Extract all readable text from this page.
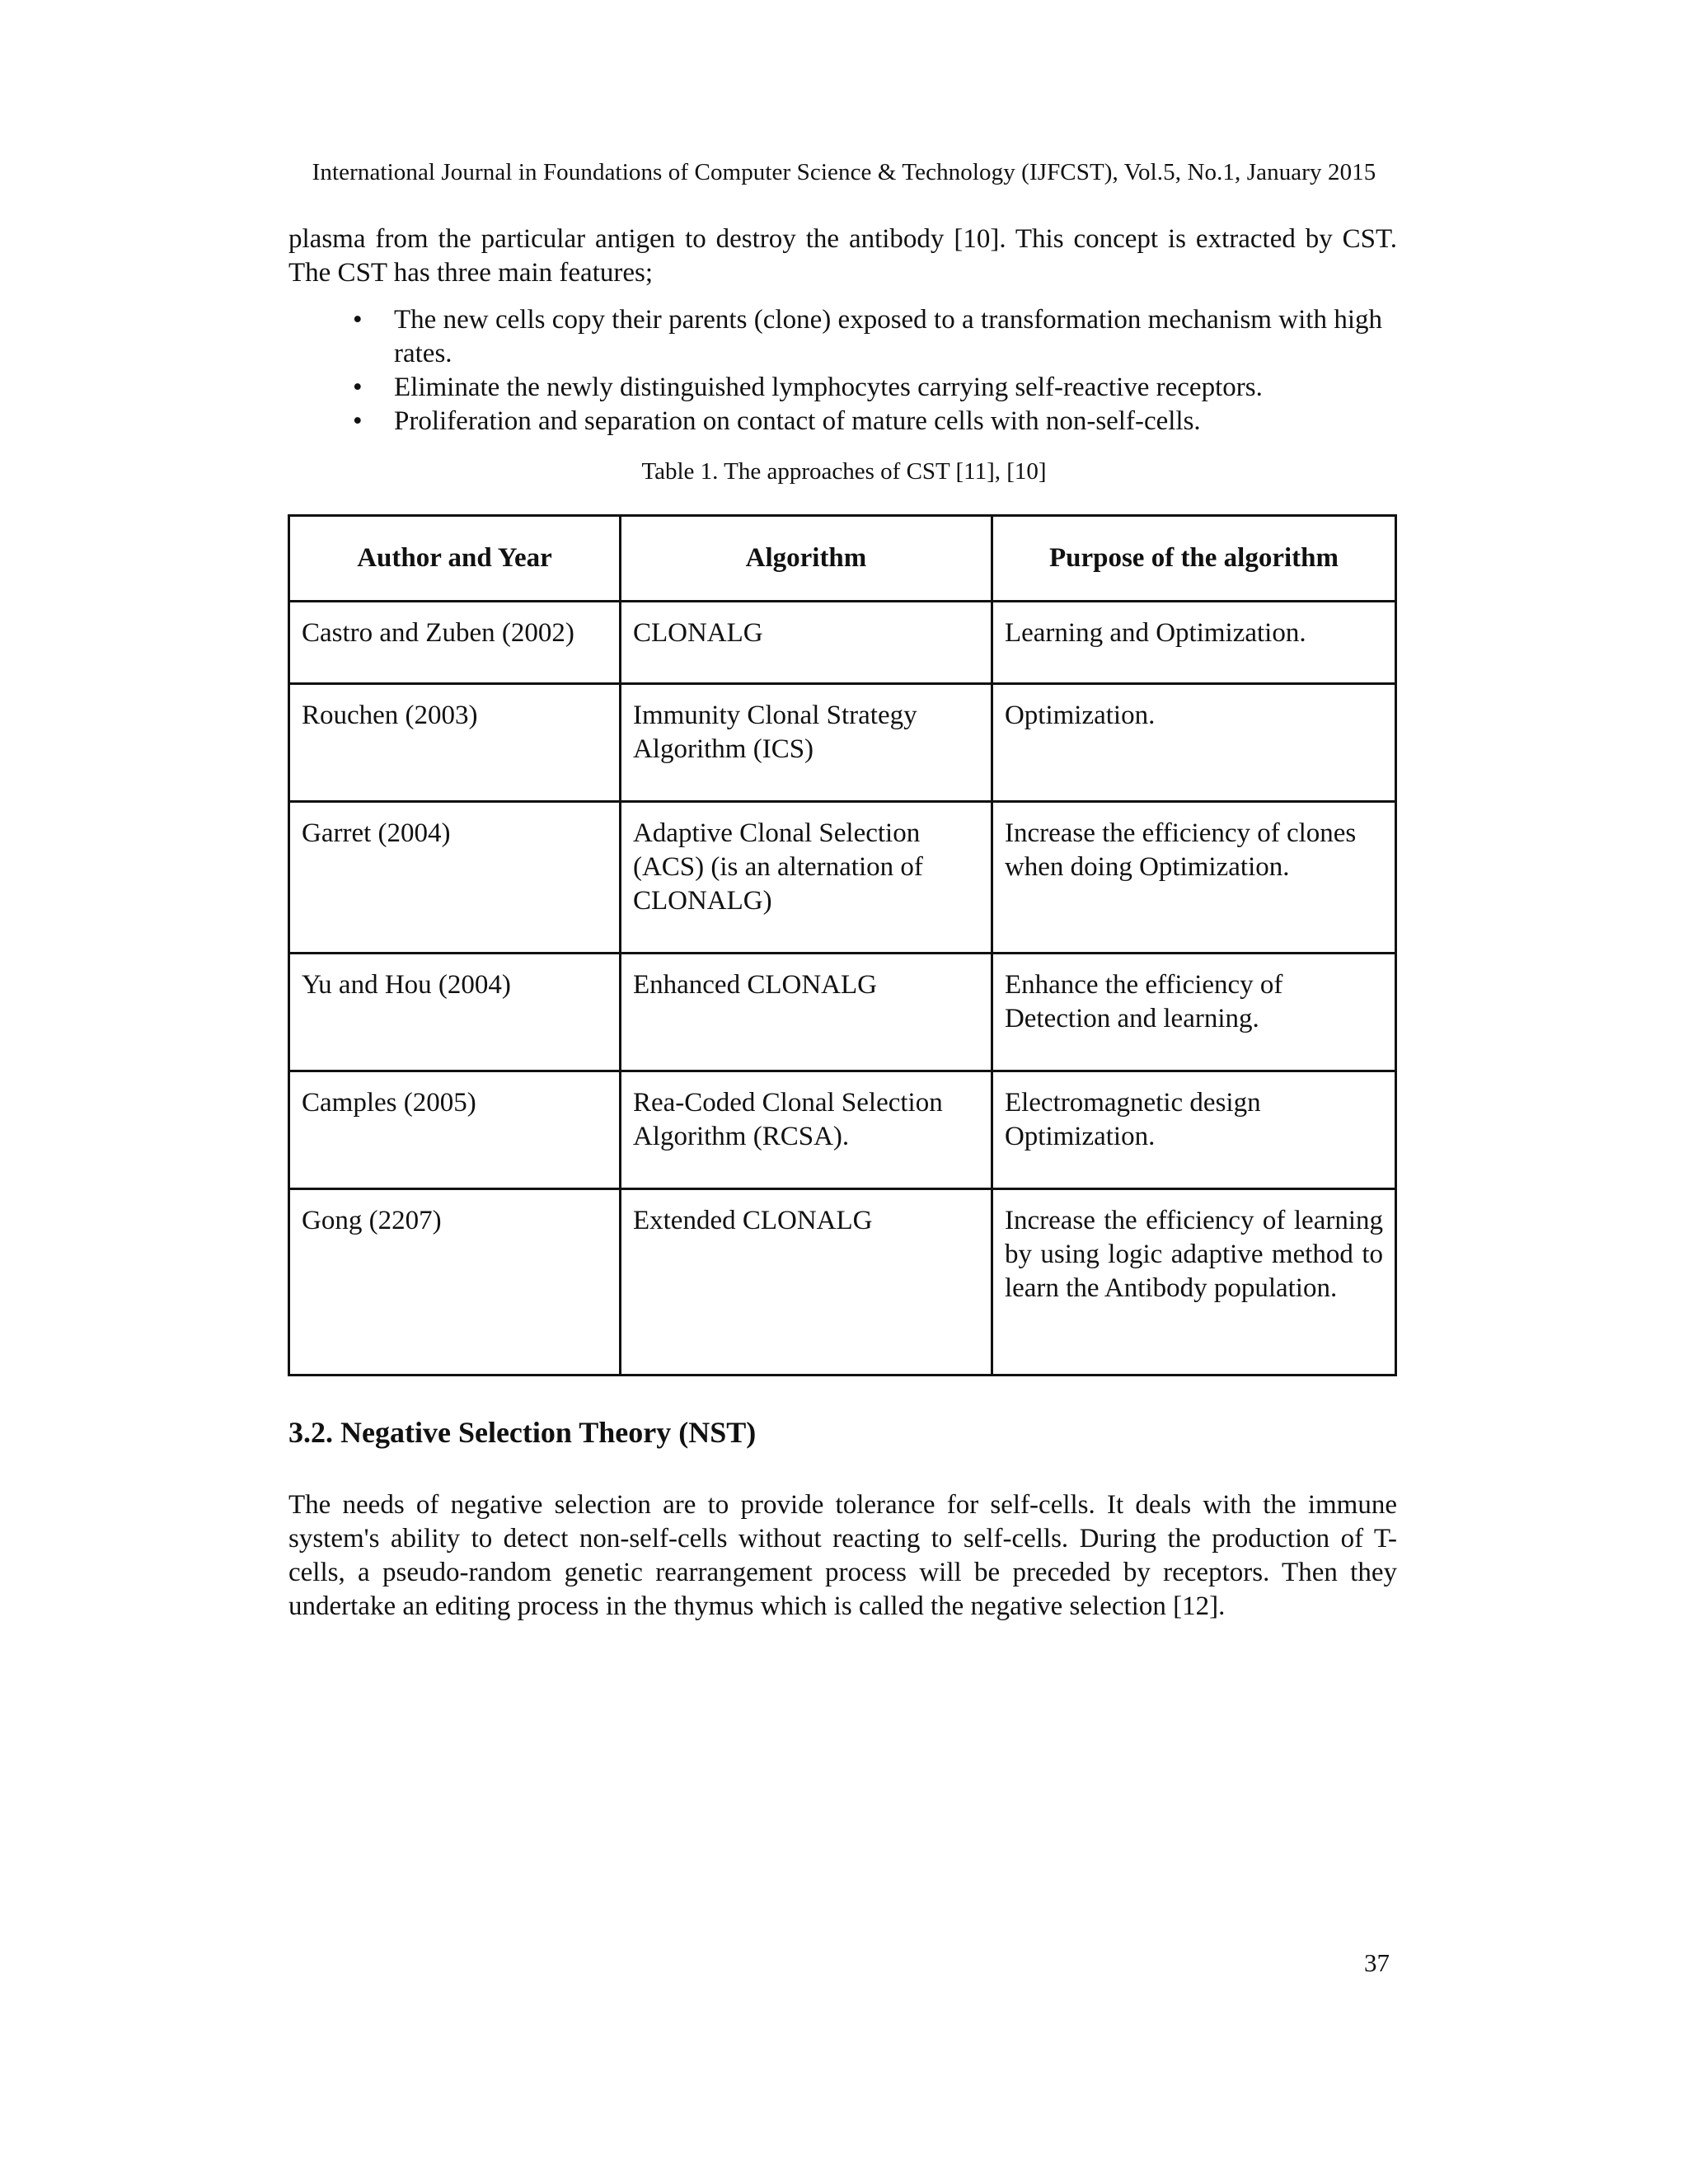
International Journal in Foundations of Computer Science & Technology (IJFCST), Vol.5, No.1, January 2015

plasma from the particular antigen to destroy the antibody [10]. This concept is extracted by CST.
The CST has three main features;

• The new cells copy their parents (clone) exposed to a transformation mechanism with high rates.
• Eliminate the newly distinguished lymphocytes carrying self-reactive receptors.
• Proliferation and separation on contact of mature cells with non-self-cells.
Table 1. The approaches of CST [11], [10]
Author and Year	Algorithm	Purpose of the algorithm
Castro and Zuben (2002)	CLONALG	Learning and Optimization.
Rouchen (2003)	Immunity Clonal Strategy Algorithm (ICS)	Optimization.
Garret (2004)	Adaptive Clonal Selection (ACS) (is an alternation of CLONALG)	Increase the efficiency of clones when doing Optimization.
Yu and Hou (2004)	Enhanced CLONALG	Enhance the efficiency of Detection and learning.
Camples (2005)	Rea-Coded Clonal Selection Algorithm (RCSA).	Electromagnetic design Optimization.
Gong (2207)	Extended CLONALG	Increase the efficiency of learning by using logic adaptive method to learn the Antibody population.
3.2. Negative Selection Theory (NST)

The needs of negative selection are to provide tolerance for self-cells. It deals with the immune
system's ability to detect non-self-cells without reacting to self-cells. During the production of T-
cells, a pseudo-random genetic rearrangement process will be preceded by receptors. Then they
undertake an editing process in the thymus which is called the negative selection [12].

37
